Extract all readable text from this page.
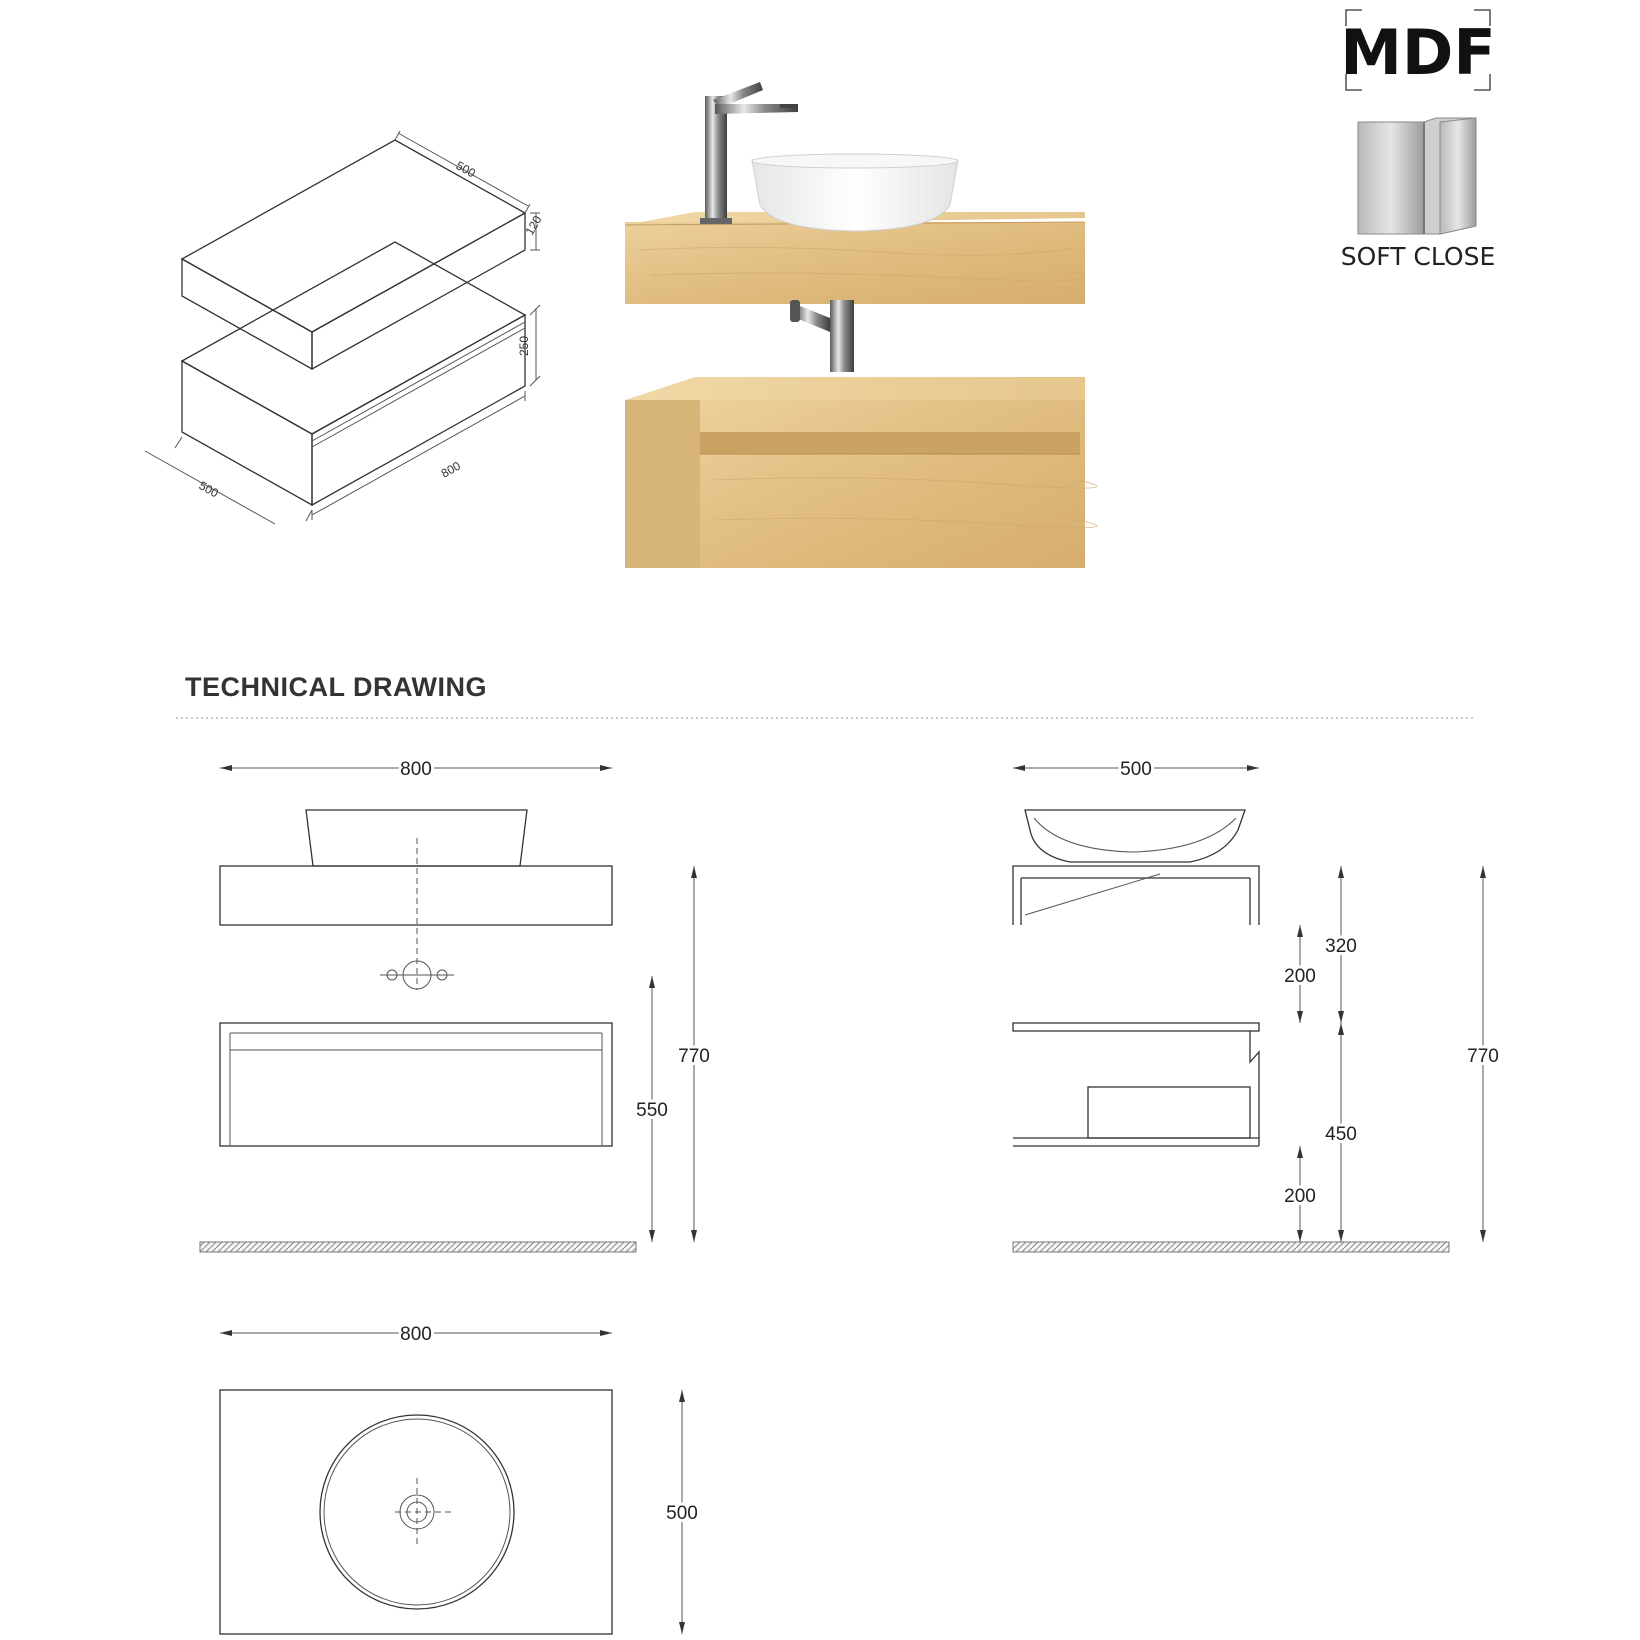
500
120
250
800
500
MDF
SOFT CLOSE
TECHNICAL DRAWING
800
770
550
500
320
200
450
200
770
800
500
